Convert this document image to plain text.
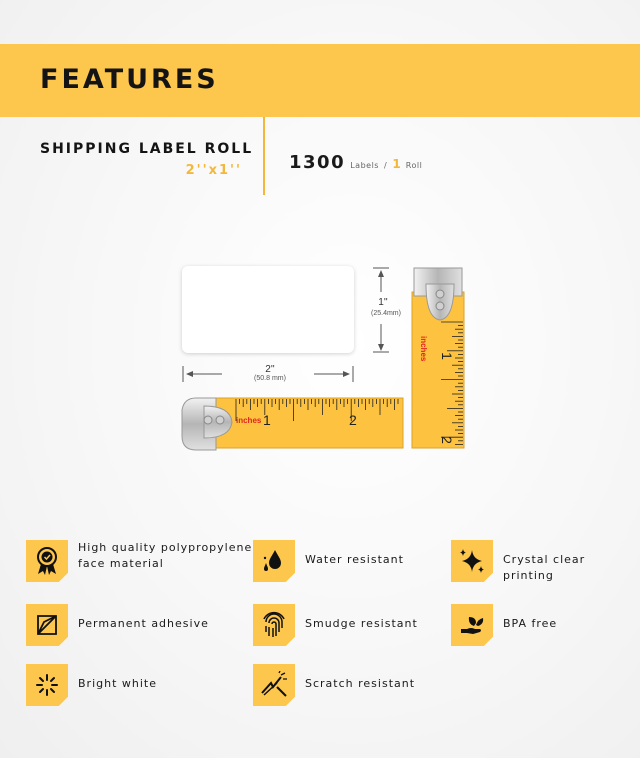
FEATURES
SHIPPING LABEL ROLL
2''x1''	1300 Labels / 1 Roll
2''
(50.8 mm)
1''
(25.4mm)
inches 1	2
inches 1
2
High quality polypropylene
face material	Water resistant	Crystal clear printing
Permanent adhesive	Smudge resistant	BPA free
Bright white	Scratch resistant
